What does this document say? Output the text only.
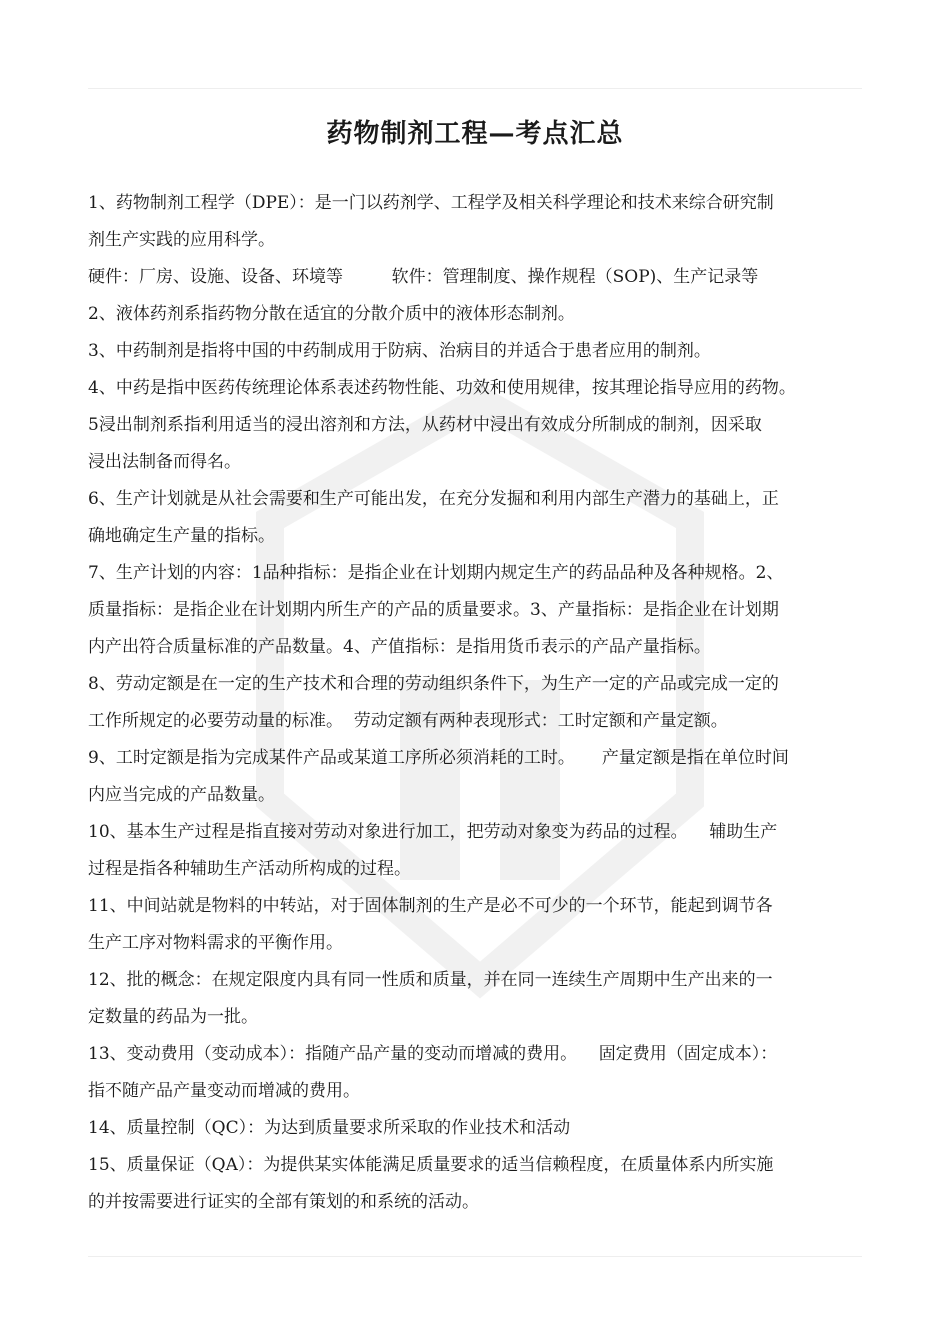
药物制剂工程—考点汇总
1、药物制剂工程学（DPE）：是一门以药剂学、工程学及相关科学理论和技术来综合研究制
剂生产实践的应用科学。
硬件：厂房、设施、设备、环境等         软件：管理制度、操作规程（SOP)、生产记录等
2、液体药剂系指药物分散在适宜的分散介质中的液体形态制剂。
3、中药制剂是指将中国的中药制成用于防病、治病目的并适合于患者应用的制剂。
4、中药是指中医药传统理论体系表述药物性能、功效和使用规律，按其理论指导应用的药物。
5浸出制剂系指利用适当的浸出溶剂和方法，从药材中浸出有效成分所制成的制剂，因采取
浸出法制备而得名。
6、生产计划就是从社会需要和生产可能出发，在充分发掘和利用内部生产潜力的基础上，正
确地确定生产量的指标。
7、生产计划的内容：1品种指标：是指企业在计划期内规定生产的药品品种及各种规格。2、
质量指标：是指企业在计划期内所生产的产品的质量要求。3、产量指标：是指企业在计划期
内产出符合质量标准的产品数量。4、产值指标：是指用货币表示的产品产量指标。
8、劳动定额是在一定的生产技术和合理的劳动组织条件下，为生产一定的产品或完成一定的
工作所规定的必要劳动量的标准。  劳动定额有两种表现形式：工时定额和产量定额。
9、工时定额是指为完成某件产品或某道工序所必须消耗的工时。     产量定额是指在单位时间
内应当完成的产品数量。
10、基本生产过程是指直接对劳动对象进行加工，把劳动对象变为药品的过程。    辅助生产
过程是指各种辅助生产活动所构成的过程。
11、中间站就是物料的中转站，对于固体制剂的生产是必不可少的一个环节，能起到调节各
生产工序对物料需求的平衡作用。
12、批的概念：在规定限度内具有同一性质和质量，并在同一连续生产周期中生产出来的一
定数量的药品为一批。
13、变动费用（变动成本）：指随产品产量的变动而增减的费用。    固定费用（固定成本）：
指不随产品产量变动而增减的费用。
14、质量控制（QC）：为达到质量要求所采取的作业技术和活动
15、质量保证（QA）：为提供某实体能满足质量要求的适当信赖程度，在质量体系内所实施
的并按需要进行证实的全部有策划的和系统的活动。
